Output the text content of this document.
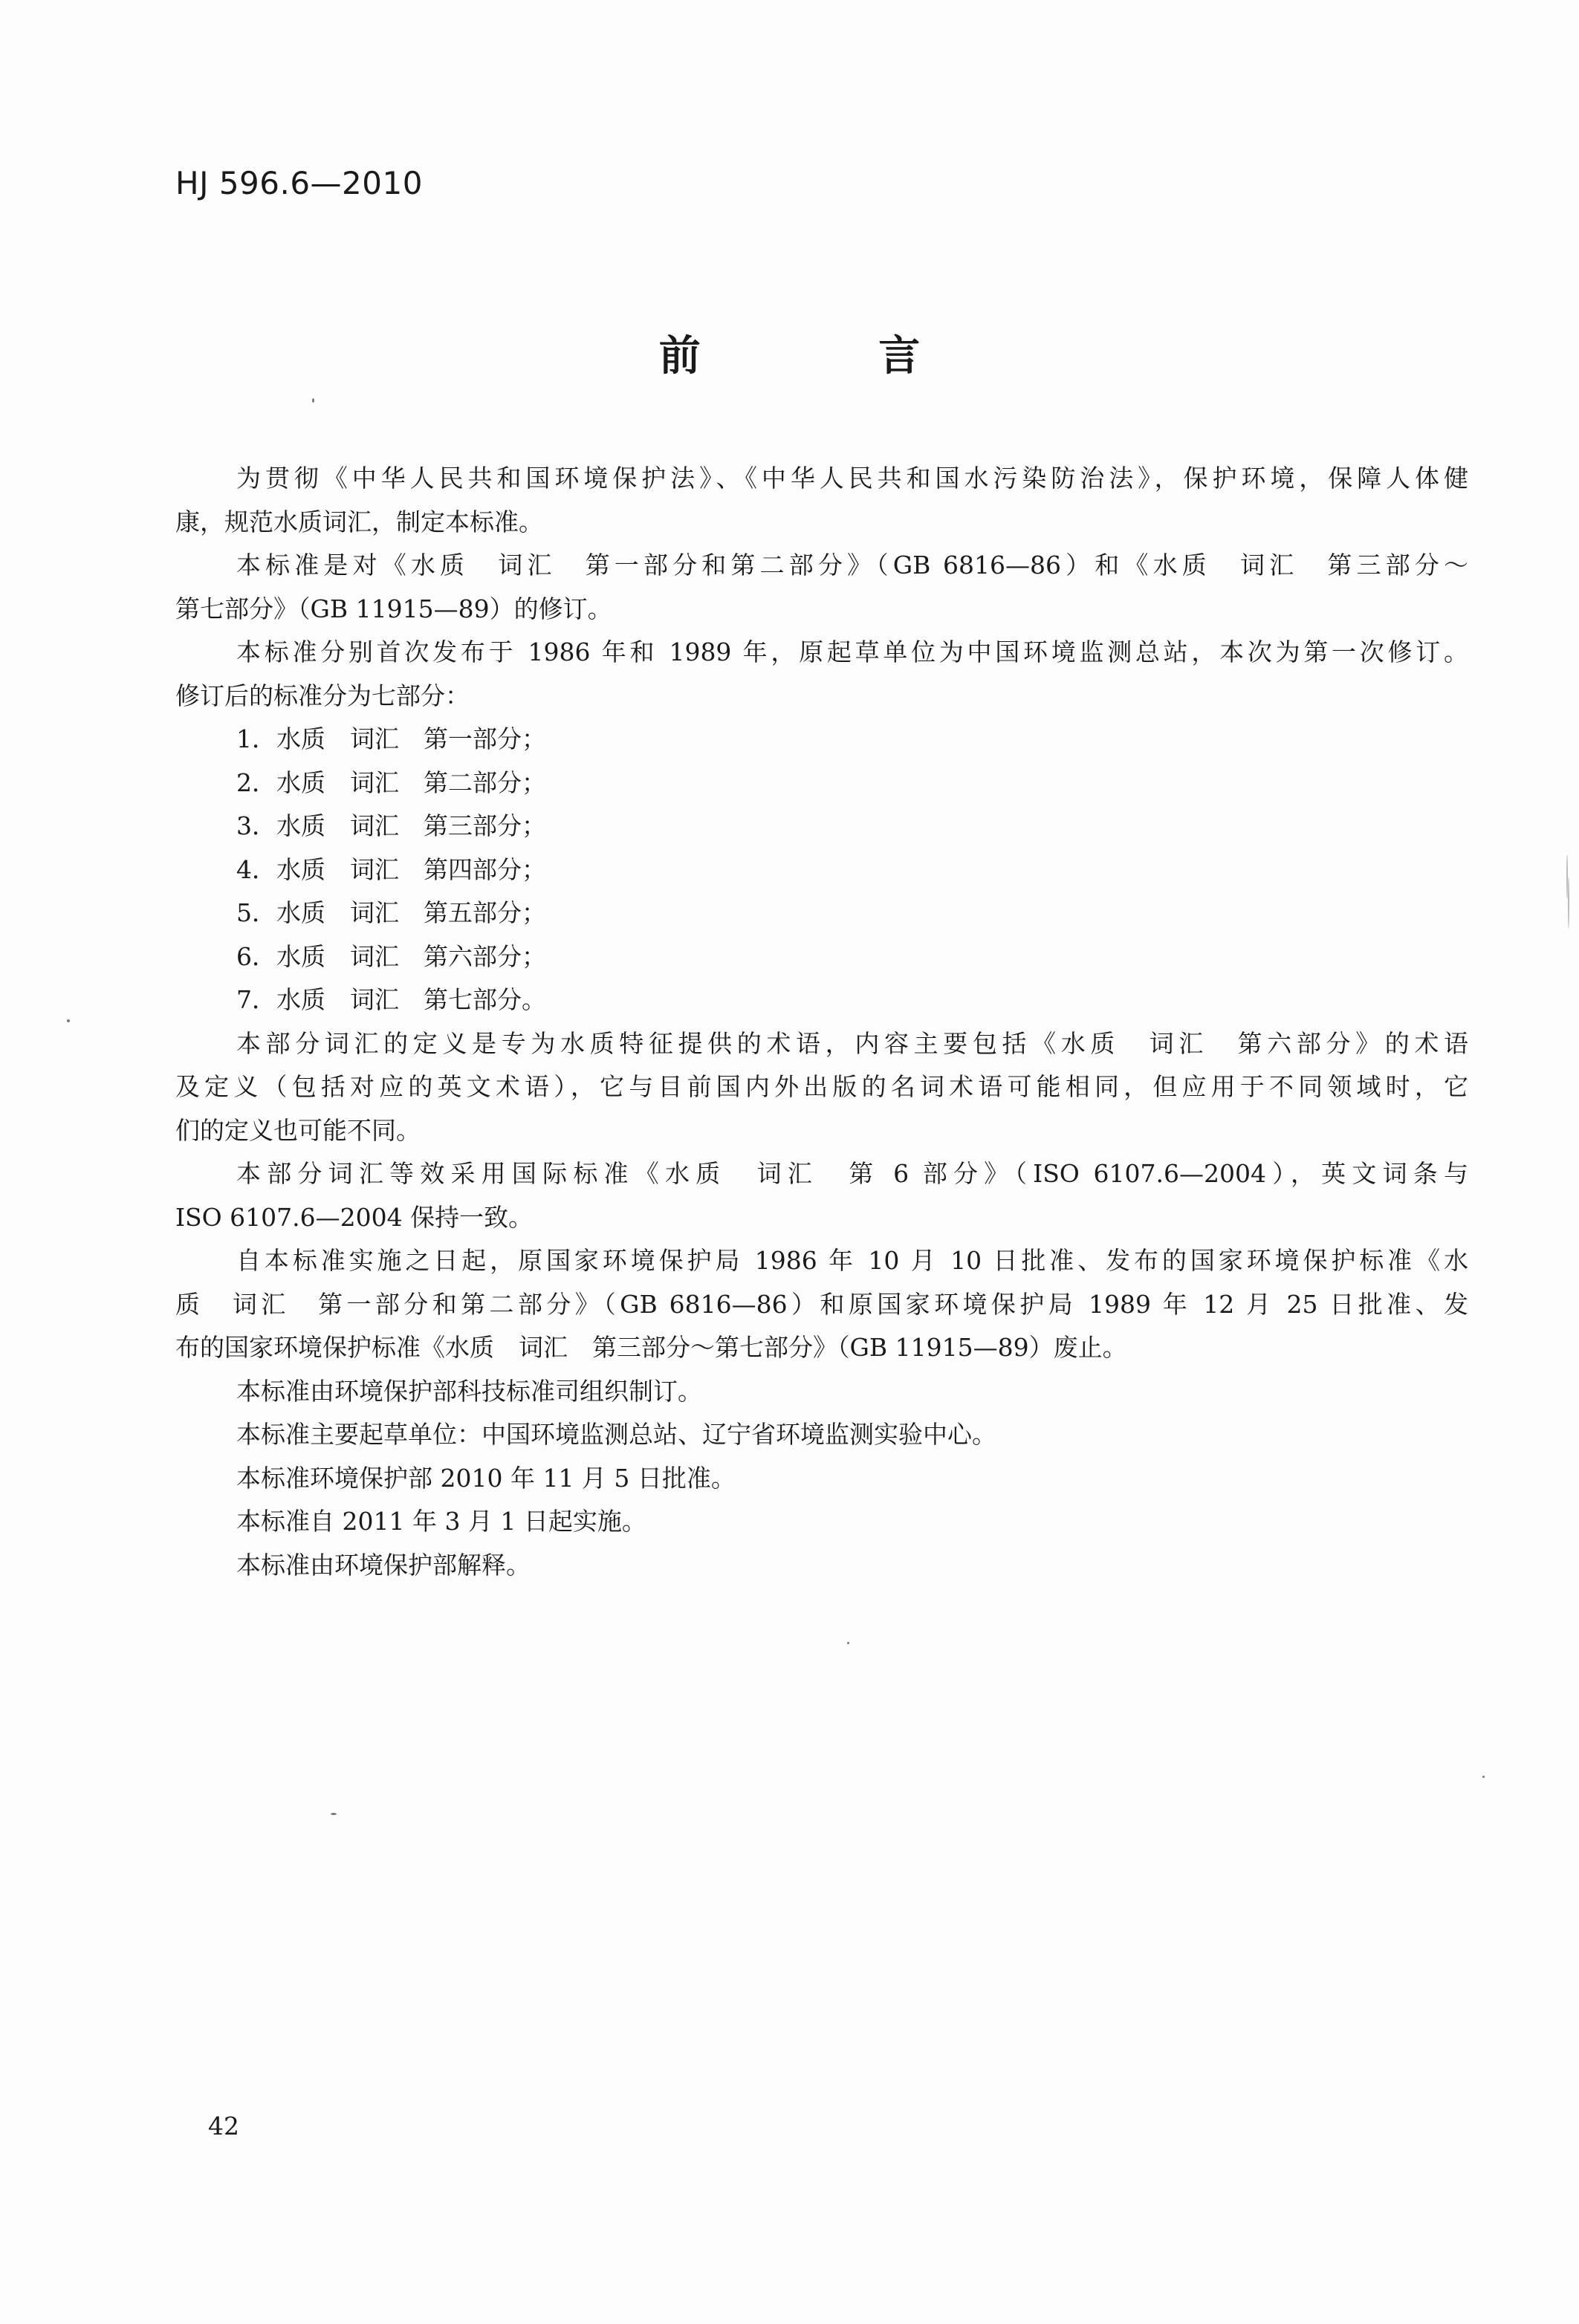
HJ 596.6—2010
前 言
为贯彻《中华人民共和国环境保护法》、《中华人民共和国水污染防治法》，保护环境，保障人体健
康，规范水质词汇，制定本标准。
本标准是对《水质　词汇　第一部分和第二部分》（GB 6816—86）和《水质　词汇　第三部分～
第七部分》（GB 11915—89）的修订。
本标准分别首次发布于 1986 年和 1989 年，原起草单位为中国环境监测总站，本次为第一次修订。
修订后的标准分为七部分：
1．水质　词汇　第一部分；
2．水质　词汇　第二部分；
3．水质　词汇　第三部分；
4．水质　词汇　第四部分；
5．水质　词汇　第五部分；
6．水质　词汇　第六部分；
7．水质　词汇　第七部分。
本部分词汇的定义是专为水质特征提供的术语，内容主要包括《水质　词汇　第六部分》的术语
及定义（包括对应的英文术语），它与目前国内外出版的名词术语可能相同，但应用于不同领域时，它
们的定义也可能不同。
本部分词汇等效采用国际标准《水质　词汇　第 6 部分》（ISO 6107.6—2004），英文词条与
ISO 6107.6—2004 保持一致。
自本标准实施之日起，原国家环境保护局 1986 年 10 月 10 日批准、发布的国家环境保护标准《水
质　词汇　第一部分和第二部分》（GB 6816—86）和原国家环境保护局 1989 年 12 月 25 日批准、发
布的国家环境保护标准《水质　词汇　第三部分～第七部分》（GB 11915—89）废止。
本标准由环境保护部科技标准司组织制订。
本标准主要起草单位：中国环境监测总站、辽宁省环境监测实验中心。
本标准环境保护部 2010 年 11 月 5 日批准。
本标准自 2011 年 3 月 1 日起实施。
本标准由环境保护部解释。
42
